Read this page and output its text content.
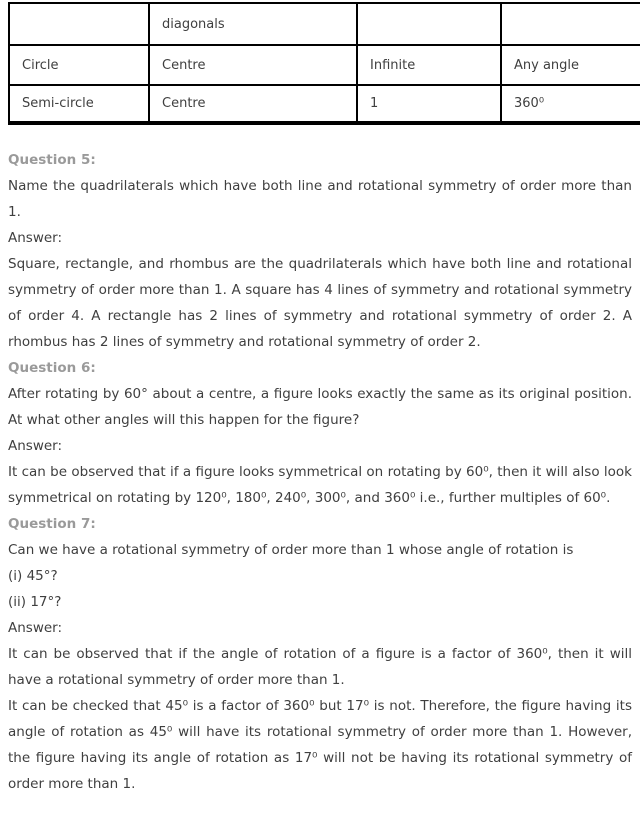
	diagonals		
Circle	Centre	Infinite	Any angle
Semi-circle	Centre	1	360⁰

Question 5:

Name the quadrilaterals which have both line and rotational symmetry of order more than 1.

Answer:

Square, rectangle, and rhombus are the quadrilaterals which have both line and rotational symmetry of order more than 1. A square has 4 lines of symmetry and rotational symmetry of order 4. A rectangle has 2 lines of symmetry and rotational symmetry of order 2. A rhombus has 2 lines of symmetry and rotational symmetry of order 2.

Question 6:

After rotating by 60° about a centre, a figure looks exactly the same as its original position. At what other angles will this happen for the figure?

Answer:

It can be observed that if a figure looks symmetrical on rotating by 60⁰, then it will also look symmetrical on rotating by 120⁰, 180⁰, 240⁰, 300⁰, and 360⁰ i.e., further multiples of 60⁰.

Question 7:

Can we have a rotational symmetry of order more than 1 whose angle of rotation is

(i) 45°?

(ii) 17°?

Answer:

It can be observed that if the angle of rotation of a figure is a factor of 360⁰, then it will have a rotational symmetry of order more than 1.

It can be checked that 45⁰ is a factor of 360⁰ but 17⁰ is not. Therefore, the figure having its angle of rotation as 45⁰ will have its rotational symmetry of order more than 1. However, the figure having its angle of rotation as 17⁰ will not be having its rotational symmetry of order more than 1.
